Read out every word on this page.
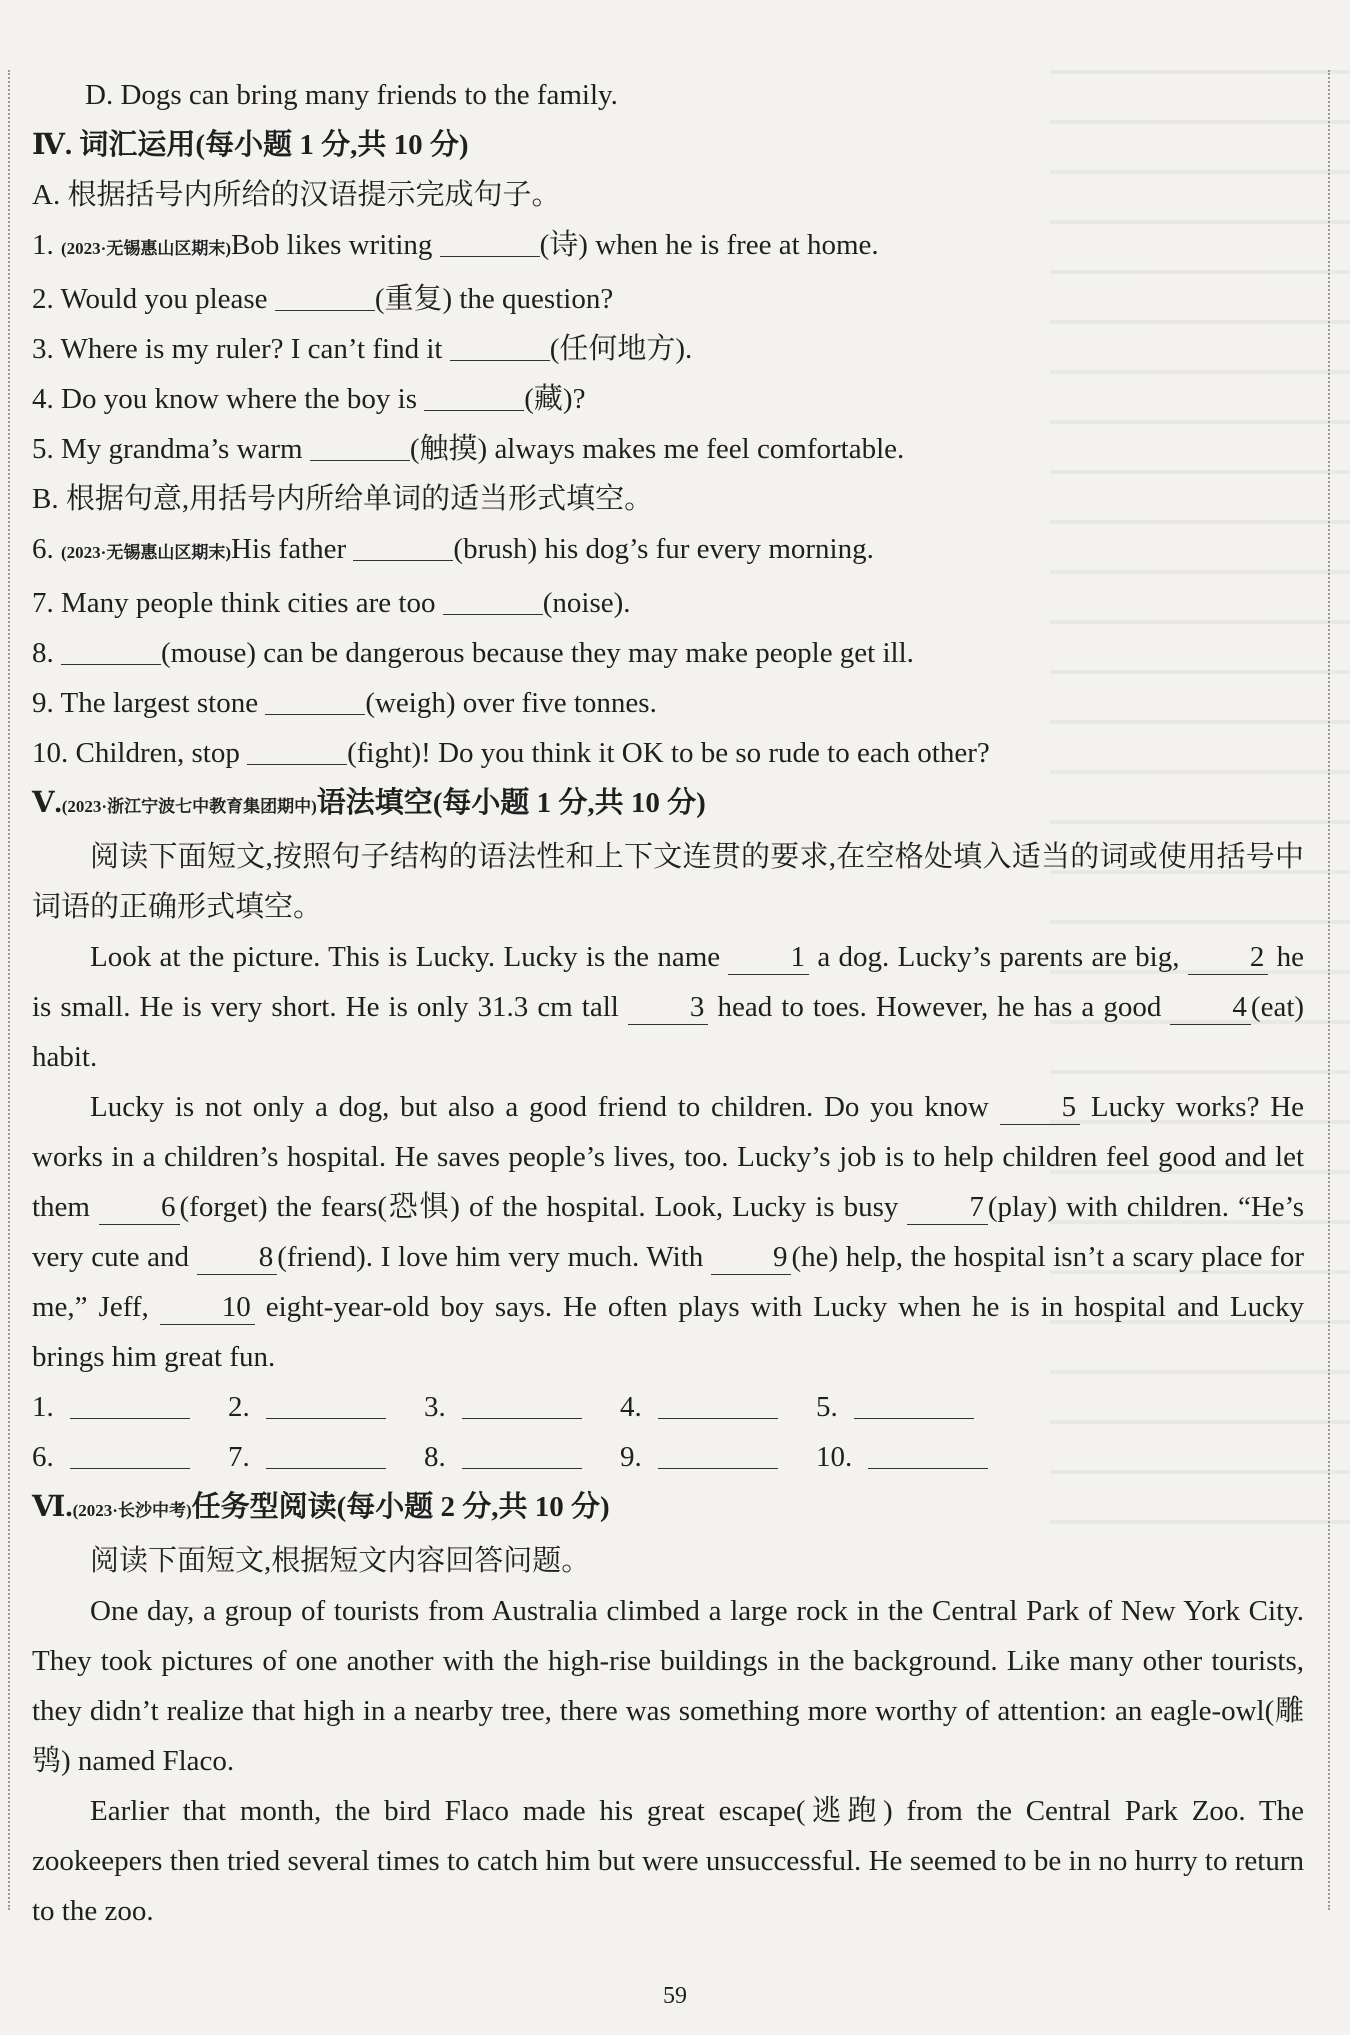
D. Dogs can bring many friends to the family.
Ⅳ. 词汇运用(每小题 1 分,共 10 分)
A. 根据括号内所给的汉语提示完成句子。
1. (2023·无锡惠山区期末)Bob likes writing	(诗) when he is free at home.
2. Would you please	(重复) the question?
3. Where is my ruler? I can’t find it	(任何地方).
4. Do you know where the boy is	(藏)?
5. My grandma’s warm	(触摸) always makes me feel comfortable.
B. 根据句意,用括号内所给单词的适当形式填空。
6. (2023·无锡惠山区期末)His father	(brush) his dog’s fur every morning.
7. Many people think cities are too	(noise).
8.	(mouse) can be dangerous because they may make people get ill.
9. The largest stone	(weigh) over five tonnes.
10. Children, stop	(fight)! Do you think it OK to be so rude to each other?
Ⅴ.(2023·浙江宁波七中教育集团期中)语法填空(每小题 1 分,共 10 分)
阅读下面短文,按照句子结构的语法性和上下文连贯的要求,在空格处填入适当的词或使用括号中词语的正确形式填空。
Look at the picture. This is Lucky. Lucky is the name 1 a dog. Lucky’s parents are big, 2 he is small. He is very short. He is only 31.3 cm tall 3 head to toes. However, he has a good 4 (eat) habit.
Lucky is not only a dog, but also a good friend to children. Do you know	5 Lucky works? He works in a children’s hospital. He saves people’s lives, too. Lucky’s job is to help children feel good and let them 6 (forget) the fears(恐惧) of the hospital. Look, Lucky is busy 7 (play) with children. “He’s very cute and 8 (friend). I love him very much. With 9 (he) help, the hospital isn’t a scary place for me,” Jeff,	10 eight-year-old boy says. He often plays with Lucky when he is in hospital and Lucky brings him great fun.
1.	2.	3.	4.	5.
6.	7.	8.	9.	10.
Ⅵ.(2023·长沙中考)任务型阅读(每小题 2 分,共 10 分)
阅读下面短文,根据短文内容回答问题。
One day, a group of tourists from Australia climbed a large rock in the Central Park of New York City. They took pictures of one another with the high-rise buildings in the background. Like many other tourists, they didn’t realize that high in a nearby tree, there was something more worthy of attention: an eagle-owl(雕鸮) named Flaco.
Earlier that month, the bird Flaco made his great escape(逃跑) from the Central Park Zoo. The zookeepers then tried several times to catch him but were unsuccessful. He seemed to be in no hurry to return to the zoo.
59
